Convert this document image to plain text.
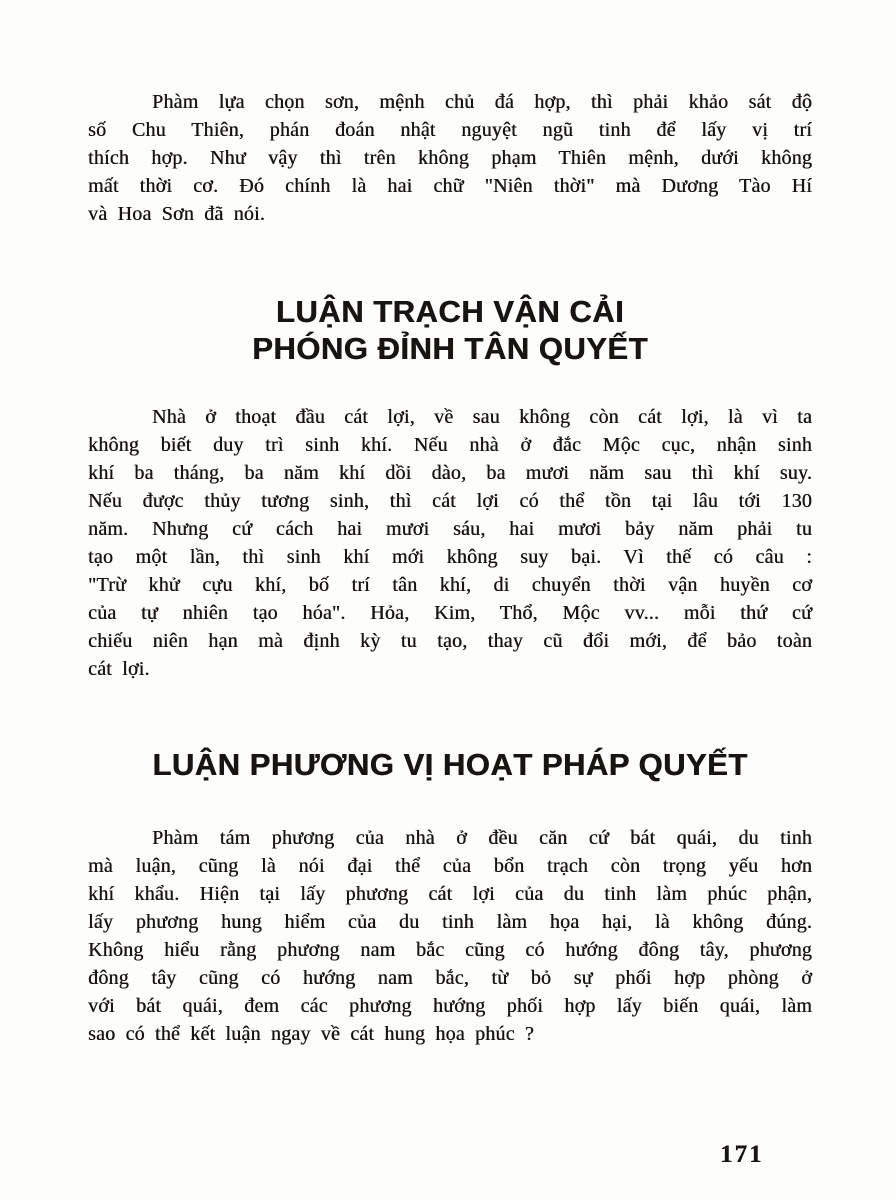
Phàm lựa chọn sơn, mệnh chủ đá hợp, thì phải khảo sát độ
số Chu Thiên, phán đoán nhật nguyệt ngũ tinh để lấy vị trí
thích hợp. Như vậy thì trên không phạm Thiên mệnh, dưới không
mất thời cơ. Đó chính là hai chữ "Niên thời" mà Dương Tào Hí
và Hoa Sơn đã nói.
LUẬN TRẠCH VẬN CẢI
PHÓNG ĐỈNH TÂN QUYẾT
Nhà ở thoạt đầu cát lợi, về sau không còn cát lợi, là vì ta
không biết duy trì sinh khí. Nếu nhà ở đắc Mộc cục, nhận sinh
khí ba tháng, ba năm khí dồi dào, ba mươi năm sau thì khí suy.
Nếu được thủy tương sinh, thì cát lợi có thể tồn tại lâu tới 130
năm. Nhưng cứ cách hai mươi sáu, hai mươi bảy năm phải tu
tạo một lần, thì sinh khí mới không suy bại. Vì thế có câu :
"Trừ khử cựu khí, bố trí tân khí, di chuyển thời vận huyền cơ
của tự nhiên tạo hóa". Hỏa, Kim, Thổ, Mộc vv... mỗi thứ cứ
chiếu niên hạn mà định kỳ tu tạo, thay cũ đổi mới, để bảo toàn
cát lợi.
LUẬN PHƯƠNG VỊ HOẠT PHÁP QUYẾT
Phàm tám phương của nhà ở đều căn cứ bát quái, du tinh
mà luận, cũng là nói đại thể của bổn trạch còn trọng yếu hơn
khí khẩu. Hiện tại lấy phương cát lợi của du tinh làm phúc phận,
lấy phương hung hiểm của du tinh làm họa hại, là không đúng.
Không hiểu rằng phương nam bắc cũng có hướng đông tây, phương
đông tây cũng có hướng nam bắc, từ bỏ sự phối hợp phòng ở
với bát quái, đem các phương hướng phối hợp lấy biến quái, làm
sao có thể kết luận ngay về cát hung họa phúc ?
171
